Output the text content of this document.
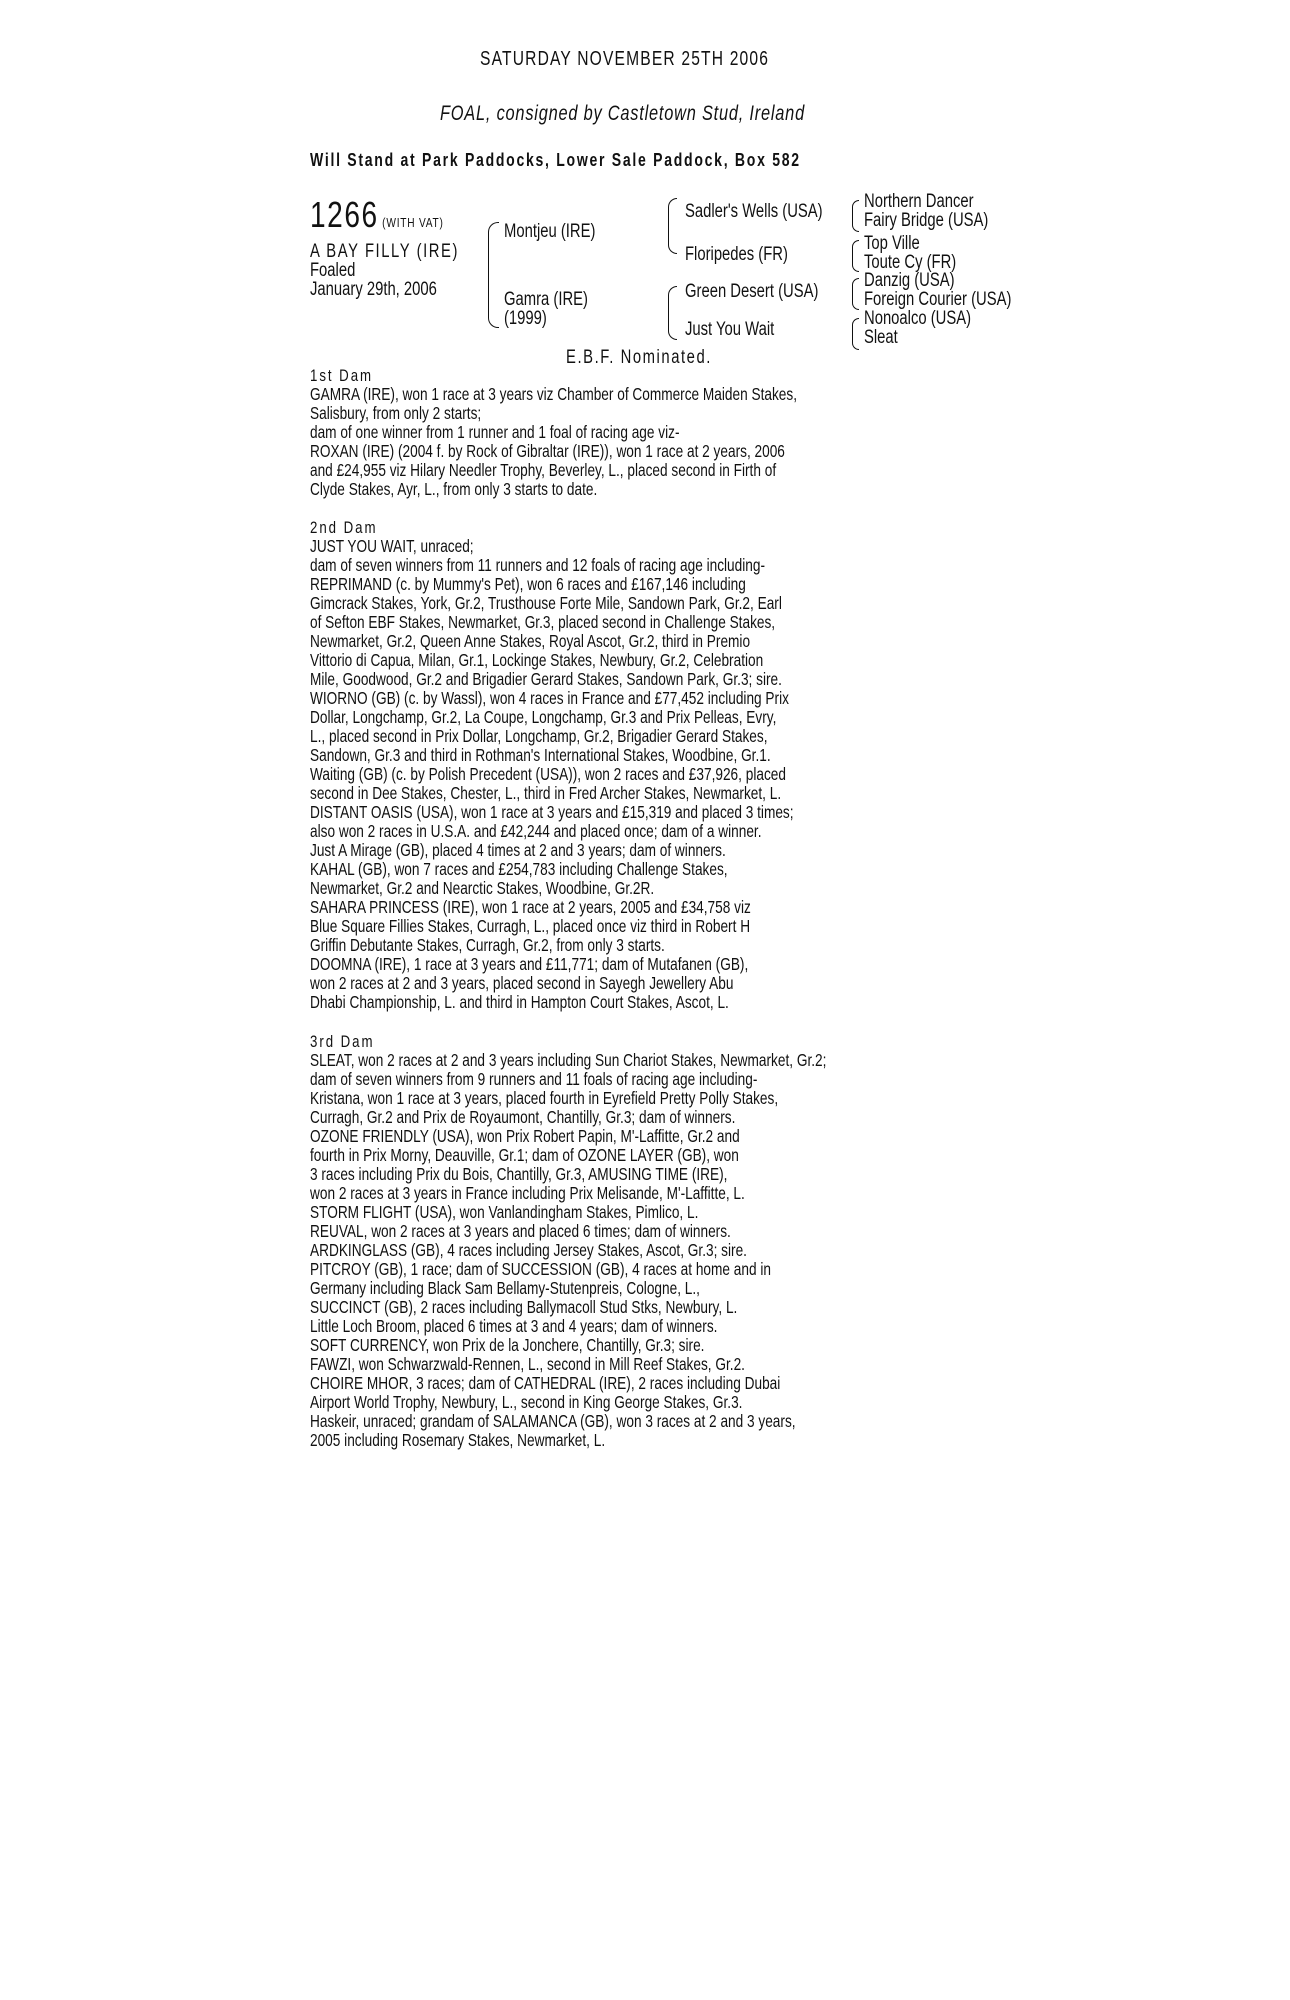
SATURDAY NOVEMBER 25TH 2006
FOAL, consigned by Castletown Stud, Ireland
Will Stand at Park Paddocks, Lower Sale Paddock, Box 582
1266 (WITH VAT)
A BAY FILLY (IRE)
Foaled
January 29th, 2006
Montjeu (IRE)
Gamra (IRE)
(1999)
Sadler's Wells (USA)
Floripedes (FR)
Green Desert (USA)
Just You Wait
Northern Dancer
Fairy Bridge (USA)
Top Ville
Toute Cy (FR)
Danzig (USA)
Foreign Courier (USA)
Nonoalco (USA)
Sleat
E.B.F. Nominated.

1st Dam

GAMRA (IRE), won 1 race at 3 years viz Chamber of Commerce Maiden Stakes,

Salisbury, from only 2 starts;

dam of one winner from 1 runner and 1 foal of racing age viz-

ROXAN (IRE) (2004 f. by Rock of Gibraltar (IRE)), won 1 race at 2 years, 2006

and £24,955 viz Hilary Needler Trophy, Beverley, L., placed second in Firth of

Clyde Stakes, Ayr, L., from only 3 starts to date.

2nd Dam

JUST YOU WAIT, unraced;

dam of seven winners from 11 runners and 12 foals of racing age including-

REPRIMAND (c. by Mummy's Pet), won 6 races and £167,146 including

Gimcrack Stakes, York, Gr.2, Trusthouse Forte Mile, Sandown Park, Gr.2, Earl

of Sefton EBF Stakes, Newmarket, Gr.3, placed second in Challenge Stakes,

Newmarket, Gr.2, Queen Anne Stakes, Royal Ascot, Gr.2, third in Premio

Vittorio di Capua, Milan, Gr.1, Lockinge Stakes, Newbury, Gr.2, Celebration

Mile, Goodwood, Gr.2 and Brigadier Gerard Stakes, Sandown Park, Gr.3; sire.

WIORNO (GB) (c. by Wassl), won 4 races in France and £77,452 including Prix

Dollar, Longchamp, Gr.2, La Coupe, Longchamp, Gr.3 and Prix Pelleas, Evry,

L., placed second in Prix Dollar, Longchamp, Gr.2, Brigadier Gerard Stakes,

Sandown, Gr.3 and third in Rothman's International Stakes, Woodbine, Gr.1.

Waiting (GB) (c. by Polish Precedent (USA)), won 2 races and £37,926, placed

second in Dee Stakes, Chester, L., third in Fred Archer Stakes, Newmarket, L.

DISTANT OASIS (USA), won 1 race at 3 years and £15,319 and placed 3 times;

also won 2 races in U.S.A. and £42,244 and placed once; dam of a winner.

Just A Mirage (GB), placed 4 times at 2 and 3 years; dam of winners.

KAHAL (GB), won 7 races and £254,783 including Challenge Stakes,

Newmarket, Gr.2 and Nearctic Stakes, Woodbine, Gr.2R.

SAHARA PRINCESS (IRE), won 1 race at 2 years, 2005 and £34,758 viz

Blue Square Fillies Stakes, Curragh, L., placed once viz third in Robert H

Griffin Debutante Stakes, Curragh, Gr.2, from only 3 starts.

DOOMNA (IRE), 1 race at 3 years and £11,771; dam of Mutafanen (GB),

won 2 races at 2 and 3 years, placed second in Sayegh Jewellery Abu

Dhabi Championship, L. and third in Hampton Court Stakes, Ascot, L.

3rd Dam

SLEAT, won 2 races at 2 and 3 years including Sun Chariot Stakes, Newmarket, Gr.2;

dam of seven winners from 9 runners and 11 foals of racing age including-

Kristana, won 1 race at 3 years, placed fourth in Eyrefield Pretty Polly Stakes,

Curragh, Gr.2 and Prix de Royaumont, Chantilly, Gr.3; dam of winners.

OZONE FRIENDLY (USA), won Prix Robert Papin, M'-Laffitte, Gr.2 and

fourth in Prix Morny, Deauville, Gr.1; dam of OZONE LAYER (GB), won

3 races including Prix du Bois, Chantilly, Gr.3, AMUSING TIME (IRE),

won 2 races at 3 years in France including Prix Melisande, M'-Laffitte, L.

STORM FLIGHT (USA), won Vanlandingham Stakes, Pimlico, L.

REUVAL, won 2 races at 3 years and placed 6 times; dam of winners.

ARDKINGLASS (GB), 4 races including Jersey Stakes, Ascot, Gr.3; sire.

PITCROY (GB), 1 race; dam of SUCCESSION (GB), 4 races at home and in

Germany including Black Sam Bellamy-Stutenpreis, Cologne, L.,

SUCCINCT (GB), 2 races including Ballymacoll Stud Stks, Newbury, L.

Little Loch Broom, placed 6 times at 3 and 4 years; dam of winners.

SOFT CURRENCY, won Prix de la Jonchere, Chantilly, Gr.3; sire.

FAWZI, won Schwarzwald-Rennen, L., second in Mill Reef Stakes, Gr.2.

CHOIRE MHOR, 3 races; dam of CATHEDRAL (IRE), 2 races including Dubai

Airport World Trophy, Newbury, L., second in King George Stakes, Gr.3.

Haskeir, unraced; grandam of SALAMANCA (GB), won 3 races at 2 and 3 years,

2005 including Rosemary Stakes, Newmarket, L.
